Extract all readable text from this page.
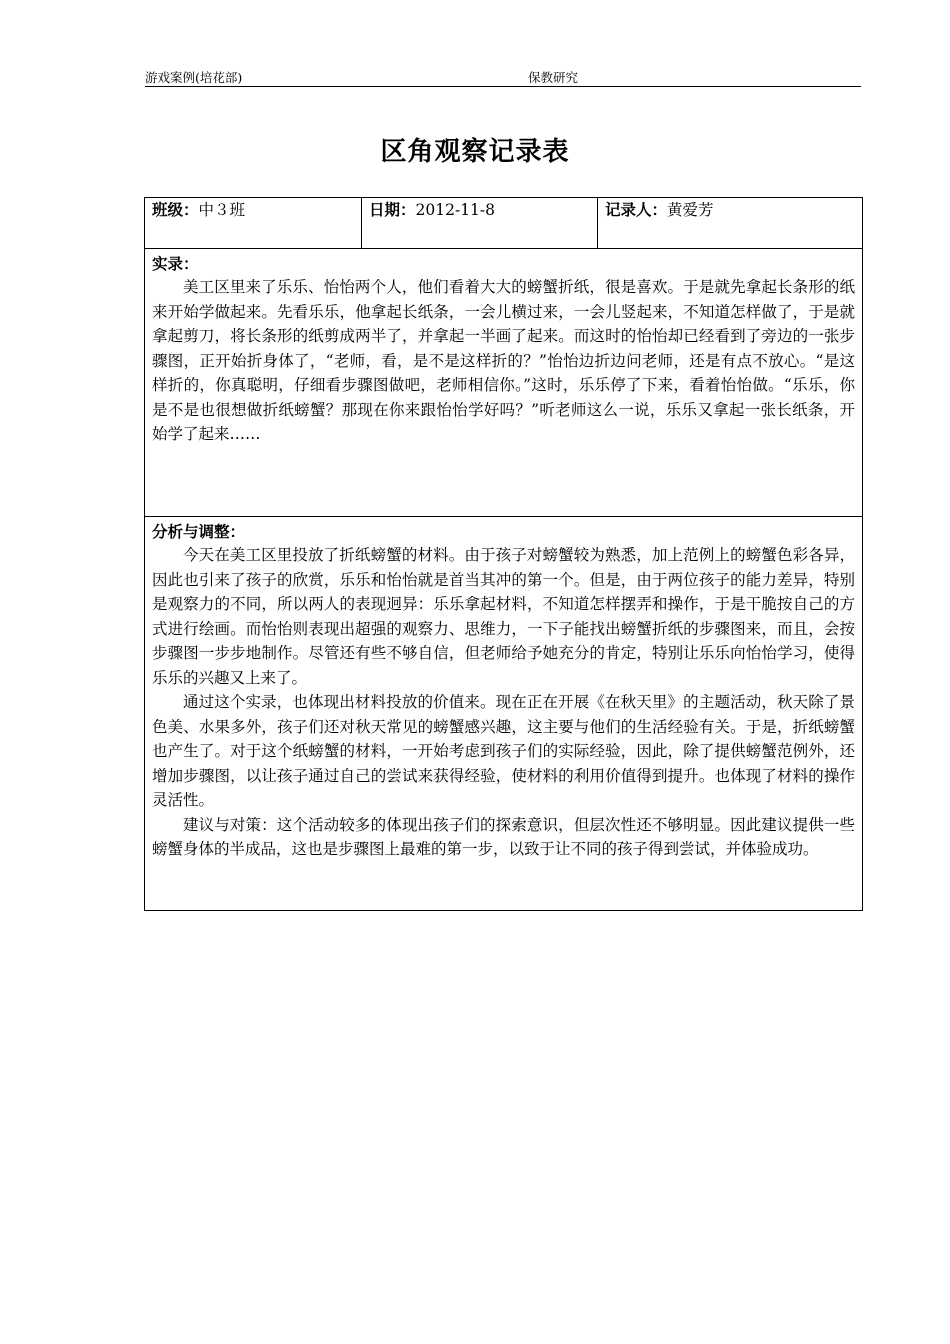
游戏案例(培花部)	保教研究
区角观察记录表
班级：中３班	日期：2012-11-8	记录人：黄爱芳

实录：

美工区里来了乐乐、怡怡两个人，他们看着大大的螃蟹折纸，很是喜欢。于是就先拿起长条形的纸来开始学做起来。先看乐乐，他拿起长纸条，一会儿横过来，一会儿竖起来，不知道怎样做了，于是就拿起剪刀，将长条形的纸剪成两半了，并拿起一半画了起来。而这时的怡怡却已经看到了旁边的一张步骤图，正开始折身体了，“老师，看，是不是这样折的？”怡怡边折边问老师，还是有点不放心。“是这样折的，你真聪明，仔细看步骤图做吧，老师相信你。”这时，乐乐停了下来，看着怡怡做。“乐乐，你是不是也很想做折纸螃蟹？那现在你来跟怡怡学好吗？”听老师这么一说，乐乐又拿起一张长纸条，开始学了起来……

分析与调整：

今天在美工区里投放了折纸螃蟹的材料。由于孩子对螃蟹较为熟悉，加上范例上的螃蟹色彩各异，因此也引来了孩子的欣赏，乐乐和怡怡就是首当其冲的第一个。但是，由于两位孩子的能力差异，特别是观察力的不同，所以两人的表现迥异：乐乐拿起材料，不知道怎样摆弄和操作，于是干脆按自己的方式进行绘画。而怡怡则表现出超强的观察力、思维力，一下子能找出螃蟹折纸的步骤图来，而且，会按步骤图一步步地制作。尽管还有些不够自信，但老师给予她充分的肯定，特别让乐乐向怡怡学习，使得乐乐的兴趣又上来了。

通过这个实录，也体现出材料投放的价值来。现在正在开展《在秋天里》的主题活动，秋天除了景色美、水果多外，孩子们还对秋天常见的螃蟹感兴趣，这主要与他们的生活经验有关。于是，折纸螃蟹也产生了。对于这个纸螃蟹的材料，一开始考虑到孩子们的实际经验，因此，除了提供螃蟹范例外，还增加步骤图，以让孩子通过自己的尝试来获得经验，使材料的利用价值得到提升。也体现了材料的操作灵活性。

建议与对策：这个活动较多的体现出孩子们的探索意识，但层次性还不够明显。因此建议提供一些螃蟹身体的半成品，这也是步骤图上最难的第一步，以致于让不同的孩子得到尝试，并体验成功。
